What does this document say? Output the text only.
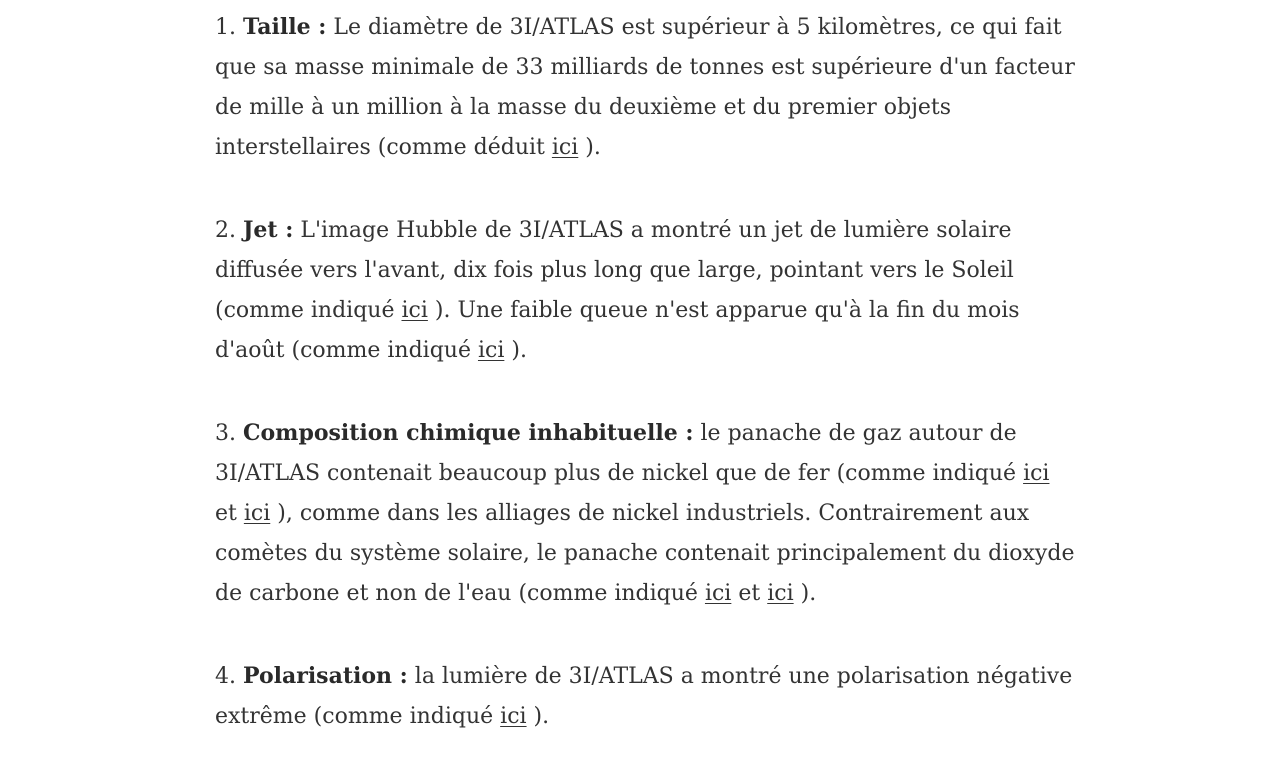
1. Taille : Le diamètre de 3I/ATLAS est supérieur à 5 kilomètres, ce qui fait que sa masse minimale de 33 milliards de tonnes est supérieure d'un facteur de mille à un million à la masse du deuxième et du premier objets interstellaires (comme déduit ici ).

2. Jet : L'image Hubble de 3I/ATLAS a montré un jet de lumière solaire diffusée vers l'avant, dix fois plus long que large, pointant vers le Soleil (comme indiqué ici ). Une faible queue n'est apparue qu'à la fin du mois d'août (comme indiqué ici ).

3. Composition chimique inhabituelle : le panache de gaz autour de 3I/ATLAS contenait beaucoup plus de nickel que de fer (comme indiqué ici et ici ), comme dans les alliages de nickel industriels. Contrairement aux comètes du système solaire, le panache contenait principalement du dioxyde de carbone et non de l'eau (comme indiqué ici et ici ).

4. Polarisation : la lumière de 3I/ATLAS a montré une polarisation négative extrême (comme indiqué ici ).
